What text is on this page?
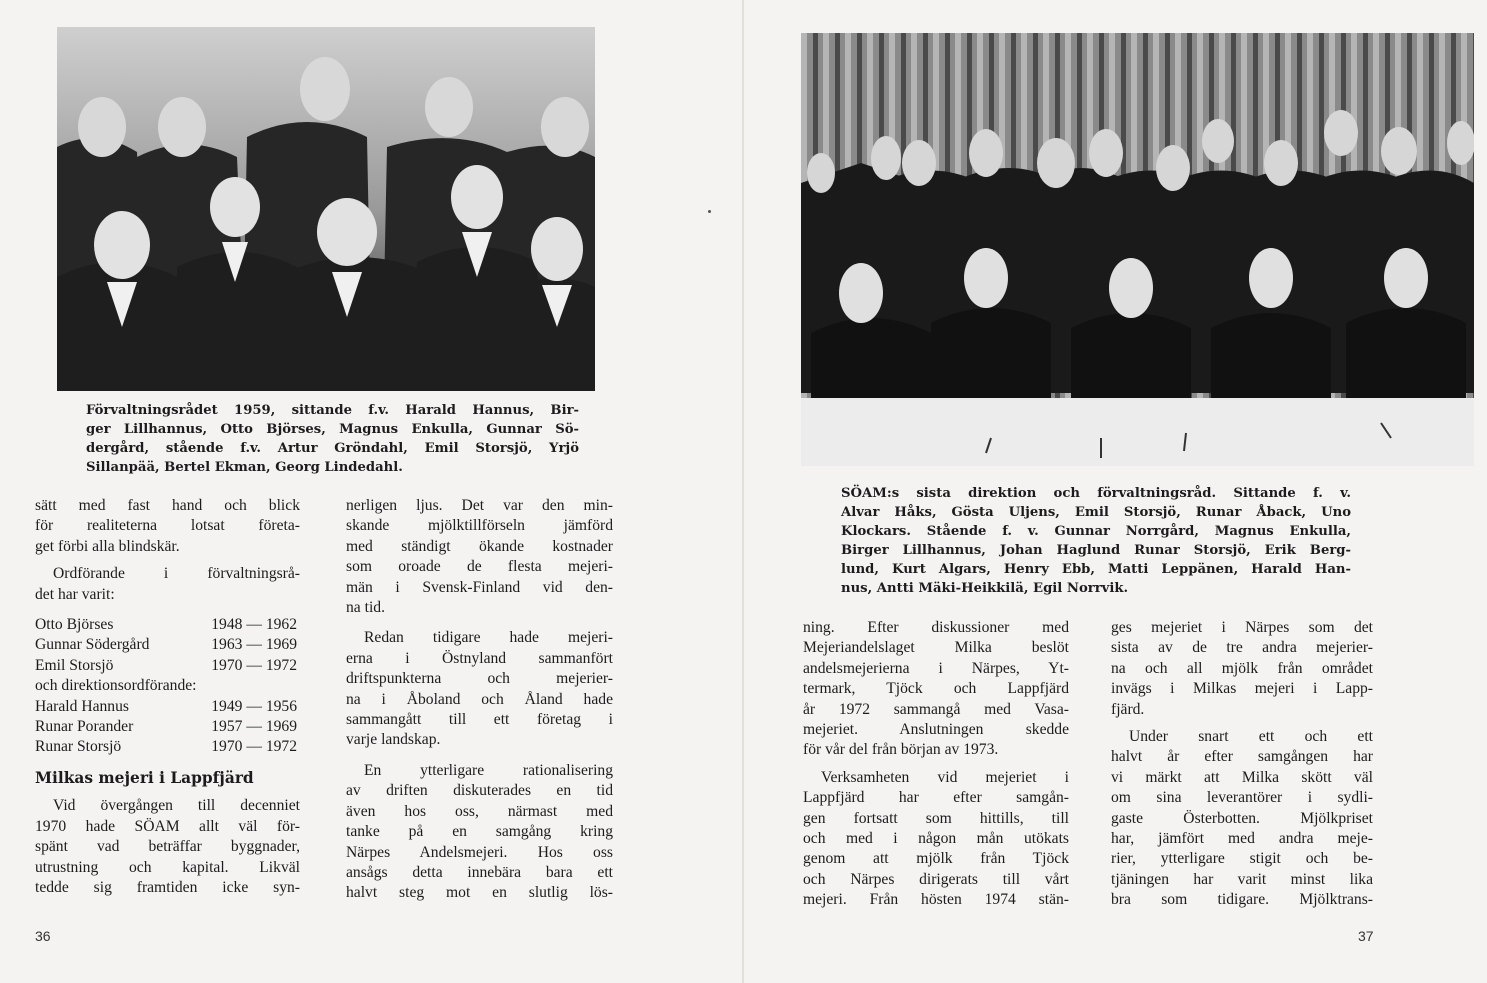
Förvaltningsrådet 1959, sittande f.v. Harald Hannus, Bir-
ger Lillhannus, Otto Björses, Magnus Enkulla, Gunnar Sö-
dergård, stående f.v. Artur Gröndahl, Emil Storsjö, Yrjö
Sillanpää, Bertel Ekman, Georg Lindedahl.

sätt med fast hand och blick
för realiteterna lotsat företa-
get förbi alla blindskär.

Ordförande i förvaltningsrå-
det har varit:

Otto Björses	1948 — 1962
Gunnar Södergård	1963 — 1969
Emil Storsjö	1970 — 1972
och direktionsordförande:
Harald Hannus	1949 — 1956
Runar Porander	1957 — 1969
Runar Storsjö	1970 — 1972
Milkas mejeri i Lappfjärd

Vid övergången till decenniet
1970 hade SÖAM allt väl för-
spänt vad beträffar byggnader,
utrustning och kapital. Likväl
tedde sig framtiden icke syn-

nerligen ljus. Det var den min-
skande mjölktillförseln jämförd
med ständigt ökande kostnader
som oroade de flesta mejeri-
män i Svensk-Finland vid den-
na tid.

Redan tidigare hade mejeri-
erna i Östnyland sammanfört
driftspunkterna och mejerier-
na i Åboland och Åland hade
sammangått till ett företag i
varje landskap.

En ytterligare rationalisering
av driften diskuterades en tid
även hos oss, närmast med
tanke på en samgång kring
Närpes Andelsmejeri. Hos oss
ansågs detta innebära bara ett
halvt steg mot en slutlig lös-

36
SÖAM:s sista direktion och förvaltningsråd. Sittande f. v.
Alvar Håks, Gösta Uljens, Emil Storsjö, Runar Åback, Uno
Klockars. Stående f. v. Gunnar Norrgård, Magnus Enkulla,
Birger Lillhannus, Johan Haglund Runar Storsjö, Erik Berg-
lund, Kurt Algars, Henry Ebb, Matti Leppänen, Harald Han-
nus, Antti Mäki-Heikkilä, Egil Norrvik.

ning. Efter diskussioner med
Mejeriandelslaget Milka beslöt
andelsmejerierna i Närpes, Yt-
termark, Tjöck och Lappfjärd
år 1972 sammangå med Vasa-
mejeriet. Anslutningen skedde
för vår del från början av 1973.

Verksamheten vid mejeriet i
Lappfjärd har efter samgån-
gen fortsatt som hittills, till
och med i någon mån utökats
genom att mjölk från Tjöck
och Närpes dirigerats till vårt
mejeri. Från hösten 1974 stän-

ges mejeriet i Närpes som det
sista av de tre andra mejerier-
na och all mjölk från området
invägs i Milkas mejeri i Lapp-
fjärd.

Under snart ett och ett
halvt år efter samgången har
vi märkt att Milka skött väl
om sina leverantörer i sydli-
gaste Österbotten. Mjölkpriset
har, jämfört med andra meje-
rier, ytterligare stigit och be-
tjäningen har varit minst lika
bra som tidigare. Mjölktrans-

37
